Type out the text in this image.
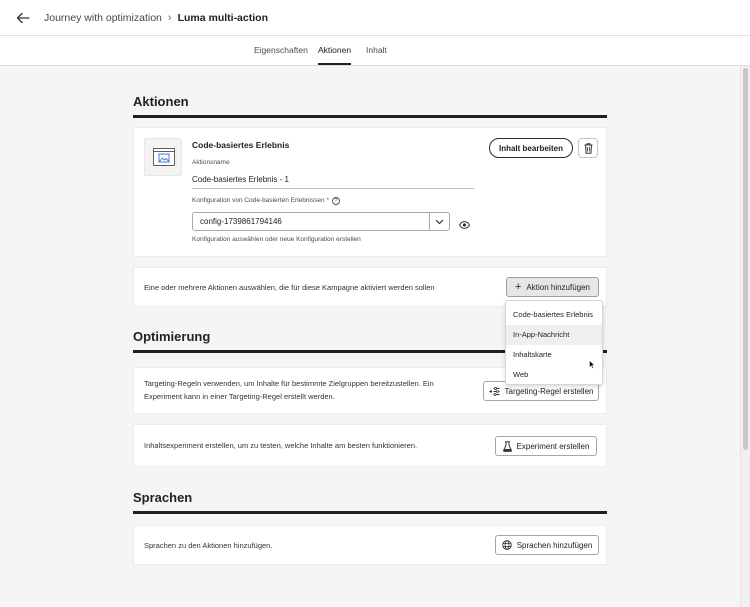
Journey with optimization › Luma multi-action
Eigenschaften Aktionen Inhalt
Aktionen
Code-basiertes Erlebnis
Aktionsname
Code-basiertes Erlebnis - 1
Konfiguration von Code-basierten Erlebnissen * ?
config-1739861794146
Konfiguration auswählen oder neue Konfiguration erstellen
Inhalt bearbeiten
Eine oder mehrere Aktionen auswählen, die für diese Kampagne aktiviert werden sollen	+ Aktion hinzufügen
Optimierung
Targeting-Regeln verwenden, um Inhalte für bestimmte Zielgruppen bereitzustellen. Ein
Experiment kann in einer Targeting-Regel erstellt werden.
Targeting-Regel erstellen
Inhaltsexperiment erstellen, um zu testen, welche Inhalte am besten funktionieren.	Experiment erstellen
Sprachen
Sprachen zu den Aktionen hinzufügen.	Sprachen hinzufügen
Code-basiertes Erlebnis
In-App-Nachricht
Inhaltskarte
Web
